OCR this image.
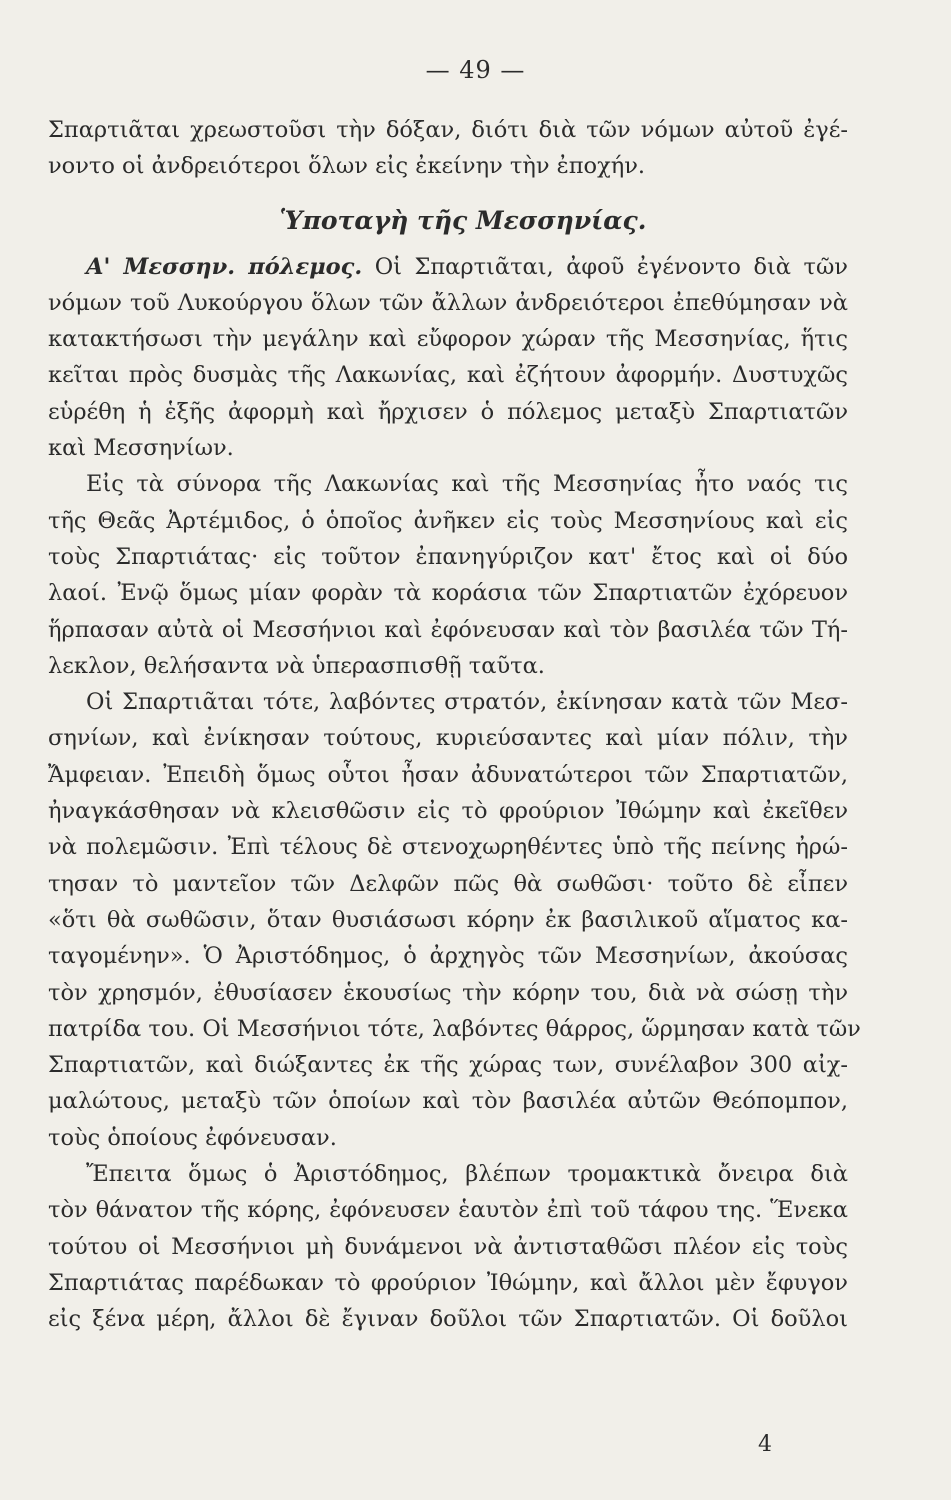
— 49 —
Σπαρτιᾶται χρεωστοῦσι τὴν δόξαν, διότι διὰ τῶν νόμων αὐτοῦ ἐγέ-
νοντο οἱ ἀνδρειότεροι ὅλων εἰς ἐκείνην τὴν ἐποχήν.
Ὑποταγὴ τῆς Μεσσηνίας.
Α' Μεσσην. πόλεμος. Οἱ Σπαρτιᾶται, ἀφοῦ ἐγένοντο διὰ τῶν
νόμων τοῦ Λυκούργου ὅλων τῶν ἄλλων ἀνδρειότεροι ἐπεθύμησαν νὰ
κατακτήσωσι τὴν μεγάλην καὶ εὔφορον χώραν τῆς Μεσσηνίας, ἥτις
κεῖται πρὸς δυσμὰς τῆς Λακωνίας, καὶ ἐζήτουν ἀφορμήν. Δυστυχῶς
εὑρέθη ἡ ἑξῆς ἀφορμὴ καὶ ἤρχισεν ὁ πόλεμος μεταξὺ Σπαρτιατῶν
καὶ Μεσσηνίων.
Εἰς τὰ σύνορα τῆς Λακωνίας καὶ τῆς Μεσσηνίας ἦτο ναός τις
τῆς Θεᾶς Ἀρτέμιδος, ὁ ὁποῖος ἀνῆκεν εἰς τοὺς Μεσσηνίους καὶ εἰς
τοὺς Σπαρτιάτας· εἰς τοῦτον ἐπανηγύριζον κατ' ἔτος καὶ οἱ δύο
λαοί. Ἐνῷ ὅμως μίαν φορὰν τὰ κοράσια τῶν Σπαρτιατῶν ἐχόρευον
ἥρπασαν αὐτὰ οἱ Μεσσήνιοι καὶ ἐφόνευσαν καὶ τὸν βασιλέα τῶν Τή-
λεκλον, θελήσαντα νὰ ὑπερασπισθῇ ταῦτα.
Οἱ Σπαρτιᾶται τότε, λαβόντες στρατόν, ἐκίνησαν κατὰ τῶν Μεσ-
σηνίων, καὶ ἐνίκησαν τούτους, κυριεύσαντες καὶ μίαν πόλιν, τὴν
Ἄμφειαν. Ἐπειδὴ ὅμως οὗτοι ἦσαν ἀδυνατώτεροι τῶν Σπαρτιατῶν,
ἠναγκάσθησαν νὰ κλεισθῶσιν εἰς τὸ φρούριον Ἰθώμην καὶ ἐκεῖθεν
νὰ πολεμῶσιν. Ἐπὶ τέλους δὲ στενοχωρηθέντες ὑπὸ τῆς πείνης ἠρώ-
τησαν τὸ μαντεῖον τῶν Δελφῶν πῶς θὰ σωθῶσι· τοῦτο δὲ εἶπεν
«ὅτι θὰ σωθῶσιν, ὅταν θυσιάσωσι κόρην ἐκ βασιλικοῦ αἵματος κα-
ταγομένην». Ὁ Ἀριστόδημος, ὁ ἀρχηγὸς τῶν Μεσσηνίων, ἀκούσας
τὸν χρησμόν, ἐθυσίασεν ἑκουσίως τὴν κόρην του, διὰ νὰ σώσῃ τὴν
πατρίδα του. Οἱ Μεσσήνιοι τότε, λαβόντες θάρρος, ὥρμησαν κατὰ τῶν
Σπαρτιατῶν, καὶ διώξαντες ἐκ τῆς χώρας των, συνέλαβον 300 αἰχ-
μαλώτους, μεταξὺ τῶν ὁποίων καὶ τὸν βασιλέα αὐτῶν Θεόπομπον,
τοὺς ὁποίους ἐφόνευσαν.
Ἔπειτα ὅμως ὁ Ἀριστόδημος, βλέπων τρομακτικὰ ὄνειρα διὰ
τὸν θάνατον τῆς κόρης, ἐφόνευσεν ἑαυτὸν ἐπὶ τοῦ τάφου της. Ἕνεκα
τούτου οἱ Μεσσήνιοι μὴ δυνάμενοι νὰ ἀντισταθῶσι πλέον εἰς τοὺς
Σπαρτιάτας παρέδωκαν τὸ φρούριον Ἰθώμην, καὶ ἄλλοι μὲν ἔφυγον
εἰς ξένα μέρη, ἄλλοι δὲ ἔγιναν δοῦλοι τῶν Σπαρτιατῶν. Οἱ δοῦλοι
4
